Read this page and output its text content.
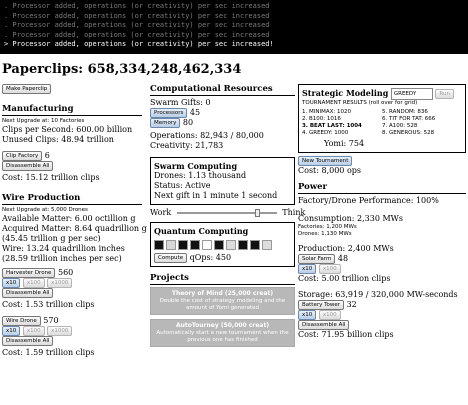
. Processor added, operations (or creativity) per sec increased
. Processor added, operations (or creativity) per sec increased
. Processor added, operations (or creativity) per sec increased
. Processor added, operations (or creativity) per sec increased
> Processor added, operations (or creativity) per sec increased!
Paperclips: 658,334,248,462,334
Make Paperclip
Manufacturing
Next Upgrade at: 10 Factories
Clips per Second: 600.00 billion
Unused Clips: 48.94 trillion
Clip Factory 6
Disassemble All
Cost: 15.12 trillion clips
Wire Production
Next Upgrade at: 5,000 Drones
Available Matter: 6.00 octillion g
Acquired Matter: 8.64 quadrillion g
(45.45 trillion g per sec)
Wire: 13.24 quadrillion inches
(28.59 trillion inches per sec)
Harvester Drone 560
x10 x100 x1000
Disassemble All
Cost: 1.53 trillion clips
Wire Drone 570
x10 x100 x1000
Disassemble All
Cost: 1.59 trillion clips
Computational Resources
Swarm Gifts: 0
Processors 45
Memory 80
Operations: 82,943 / 80,000
Creativity: 21,783
Swarm Computing
Drones: 1.13 thousand
Status: Active
Next gift in 1 minute 1 second
Work	Think
Quantum Computing
Compute qOps: 450
Projects
Theory of Mind (25,000 creat)
Double the cost of strategy modeling and the amount of Yomi generated
AutoTourney (50,000 creat)
Automatically start a new tournament when the previous one has finished
Strategic Modeling GREEDY	Run
TOURNAMENT RESULTS (roll over for grid)
1. MINIMAX: 1020	5. RANDOM: 836
2. B100: 1016	6. TIT FOR TAT: 666
3. BEAT LAST: 1004	7. A100: 528
4. GREEDY: 1000	8. GENEROUS: 528
Yomi: 754
New Tournament
Cost: 8,000 ops
Power
Factory/Drone Performance: 100%
Consumption: 2,330 MWs
Factories: 1,200 MWs
Drones: 1,130 MWs
Production: 2,400 MWs
Solar Farm 48
x10 x100
Cost: 5.00 trillion clips
Storage: 63,919 / 320,000 MW-seconds
Battery Tower 32
x10 x100
Disassemble All
Cost: 71.95 billion clips
